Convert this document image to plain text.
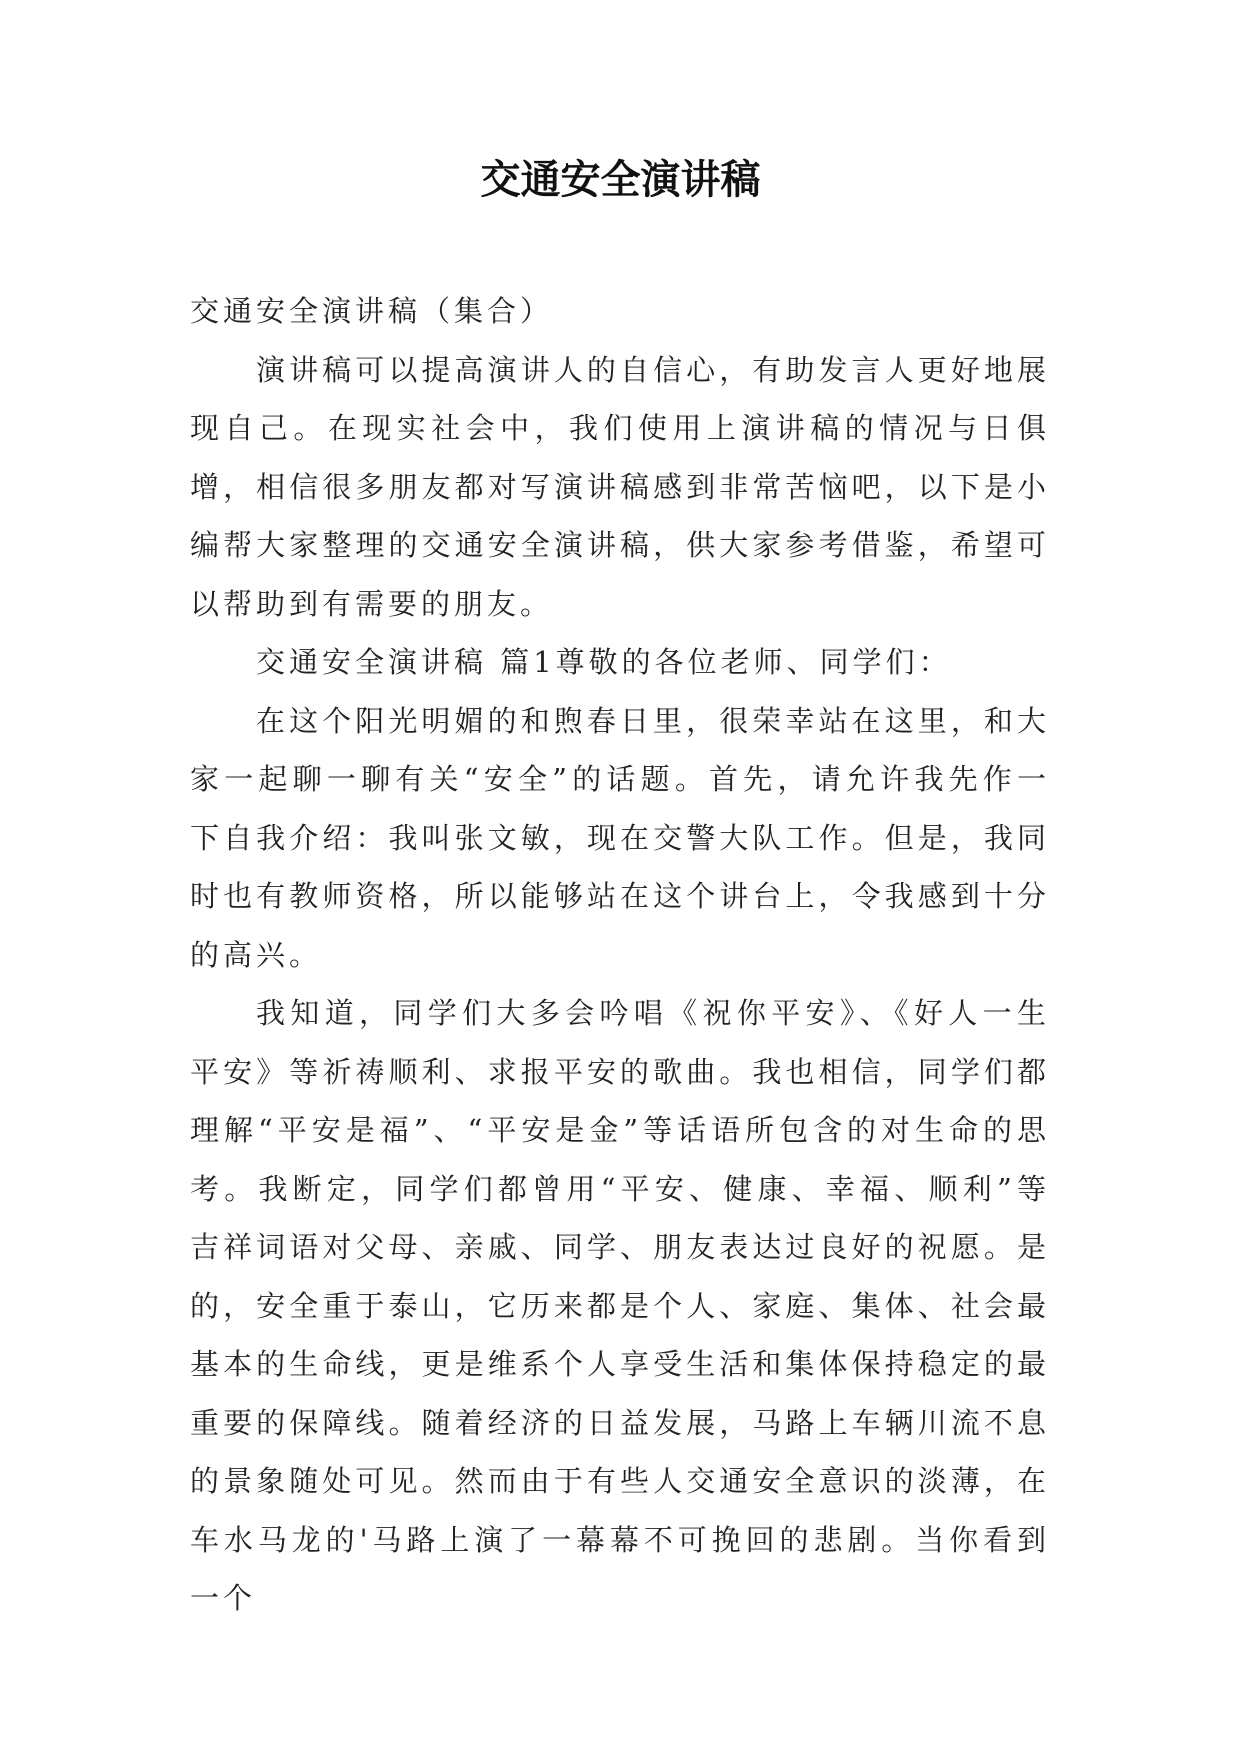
交通安全演讲稿

交通安全演讲稿（集合）

演讲稿可以提高演讲人的自信心，有助发言人更好地展现自己。在现实社会中，我们使用上演讲稿的情况与日俱增，相信很多朋友都对写演讲稿感到非常苦恼吧，以下是小编帮大家整理的交通安全演讲稿，供大家参考借鉴，希望可以帮助到有需要的朋友。

交通安全演讲稿 篇1尊敬的各位老师、同学们：

在这个阳光明媚的和煦春日里，很荣幸站在这里，和大家一起聊一聊有关“安全”的话题。首先，请允许我先作一下自我介绍：我叫张文敏，现在交警大队工作。但是，我同时也有教师资格，所以能够站在这个讲台上，令我感到十分的高兴。

我知道，同学们大多会吟唱《祝你平安》、《好人一生平安》等祈祷顺利、求报平安的歌曲。我也相信，同学们都理解“平安是福”、“平安是金”等话语所包含的对生命的思考。我断定，同学们都曾用“平安、健康、幸福、顺利”等吉祥词语对父母、亲戚、同学、朋友表达过良好的祝愿。是的，安全重于泰山，它历来都是个人、家庭、集体、社会最基本的生命线，更是维系个人享受生活和集体保持稳定的最重要的保障线。随着经济的日益发展，马路上车辆川流不息的景象随处可见。然而由于有些人交通安全意识的淡薄，在车水马龙的'马路上演了一幕幕不可挽回的悲剧。当你看到一个
